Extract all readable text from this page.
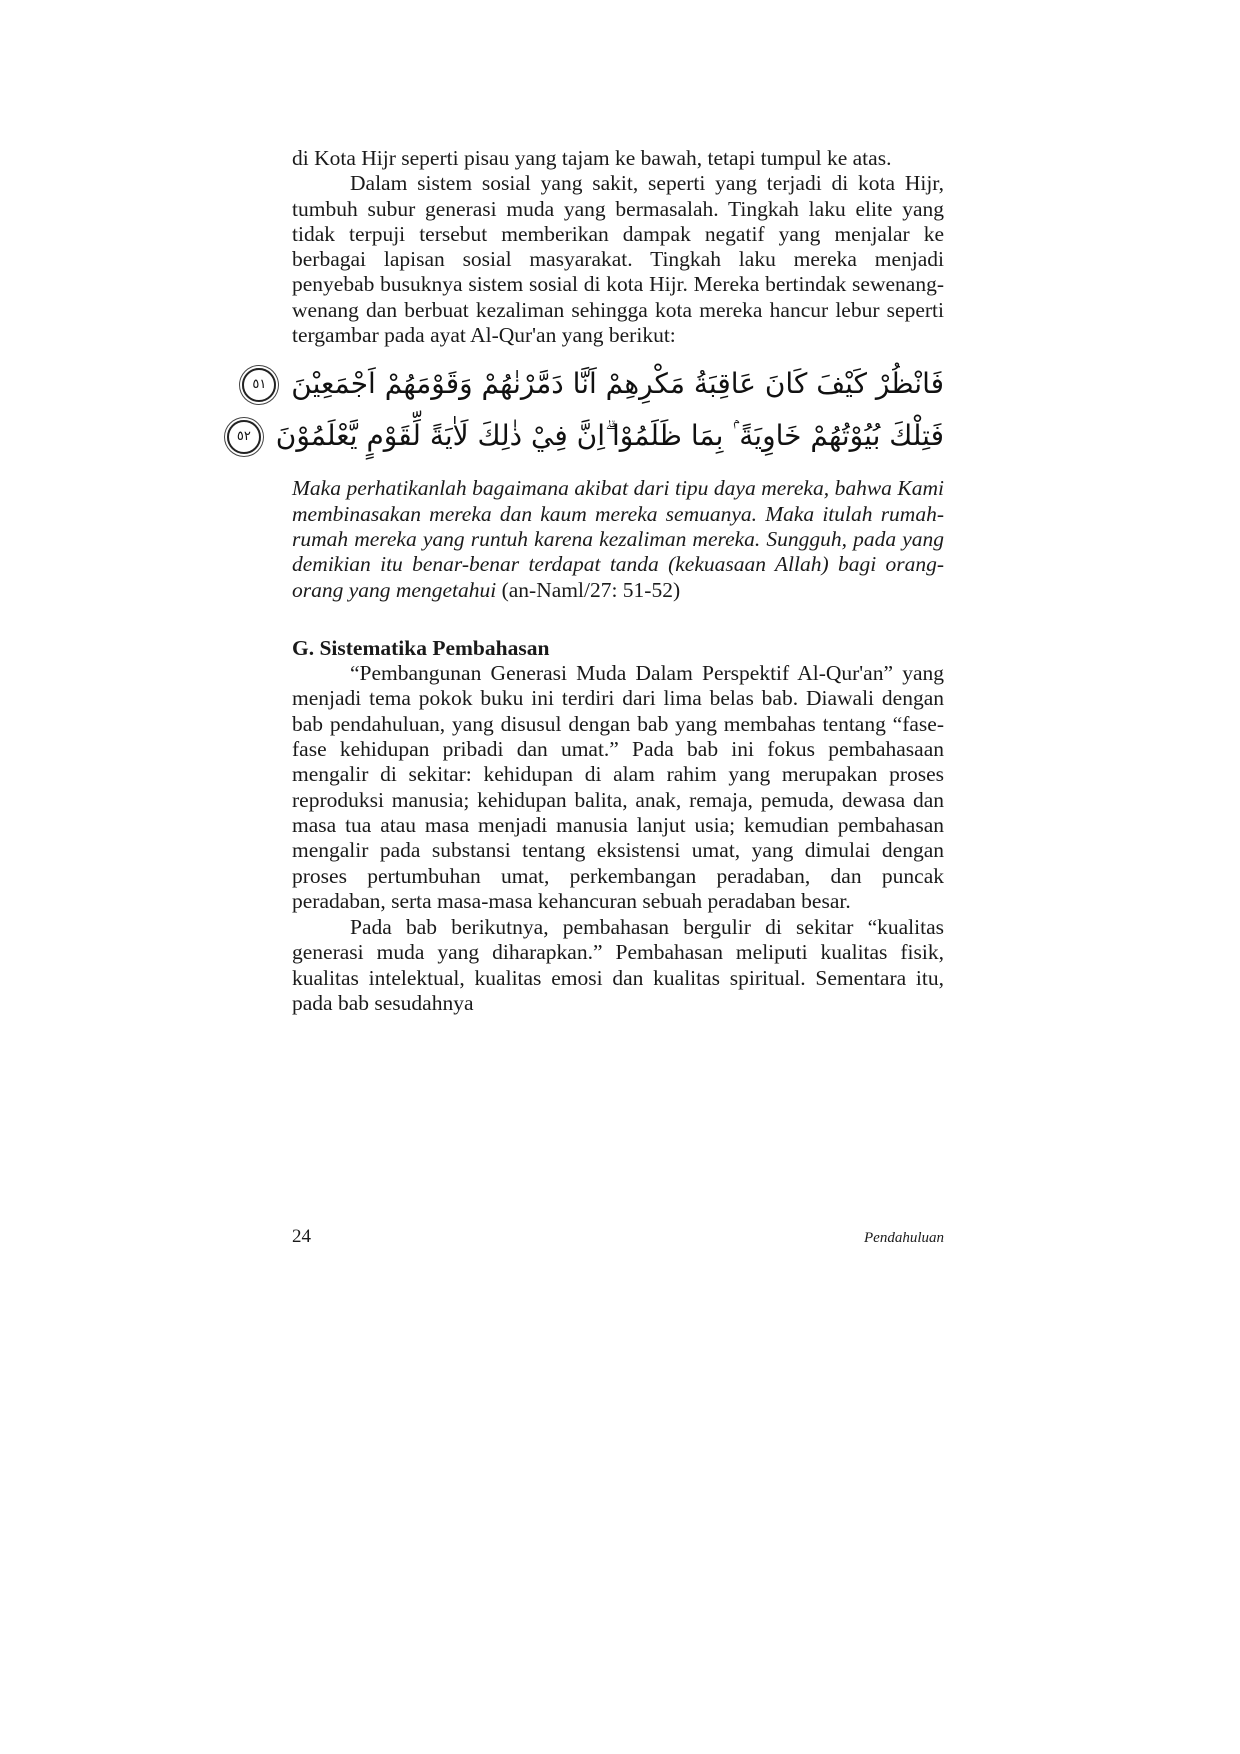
di Kota Hijr seperti pisau yang tajam ke bawah, tetapi tumpul ke atas.

Dalam sistem sosial yang sakit, seperti yang terjadi di kota Hijr, tumbuh subur generasi muda yang bermasalah. Tingkah laku elite yang tidak terpuji tersebut memberikan dampak negatif yang menjalar ke berbagai lapisan sosial masyarakat. Tingkah laku mereka menjadi penyebab busuknya sistem sosial di kota Hijr. Mereka bertindak sewenang-wenang dan berbuat kezaliman sehingga kota mereka hancur lebur seperti tergambar pada ayat Al-Qur'an yang berikut:

فَانْظُرْ كَيْفَ كَانَ عَاقِبَةُ مَكْرِهِمْ اَنَّا دَمَّرْنٰهُمْ وَقَوْمَهُمْ اَجْمَعِيْنَ ٥١
فَتِلْكَ بُيُوْتُهُمْ خَاوِيَةً ۢ بِمَا ظَلَمُوْا ۗاِنَّ فِيْ ذٰلِكَ لَاٰيَةً لِّقَوْمٍ يَّعْلَمُوْنَ ٥٢

Maka perhatikanlah bagaimana akibat dari tipu daya mereka, bahwa Kami membinasakan mereka dan kaum mereka semuanya. Maka itulah rumah-rumah mereka yang runtuh karena kezaliman mereka. Sungguh, pada yang demikian itu benar-benar terdapat tanda (kekuasaan Allah) bagi orang-orang yang mengetahui (an-Naml/27: 51-52)

G. Sistematika Pembahasan

“Pembangunan Generasi Muda Dalam Perspektif Al-Qur'an” yang menjadi tema pokok buku ini terdiri dari lima belas bab. Diawali dengan bab pendahuluan, yang disusul dengan bab yang membahas tentang “fase-fase kehidupan pribadi dan umat.” Pada bab ini fokus pembahasaan mengalir di sekitar: kehidupan di alam rahim yang merupakan proses reproduksi manusia; kehidupan balita, anak, remaja, pemuda, dewasa dan masa tua atau masa menjadi manusia lanjut usia; kemudian pembahasan mengalir pada substansi tentang eksistensi umat, yang dimulai dengan proses pertumbuhan umat, perkembangan peradaban, dan puncak peradaban, serta masa-masa kehancuran sebuah peradaban besar.

Pada bab berikutnya, pembahasan bergulir di sekitar “kualitas generasi muda yang diharapkan.” Pembahasan meliputi kualitas fisik, kualitas intelektual, kualitas emosi dan kualitas spiritual. Sementara itu, pada bab sesudahnya

24	Pendahuluan
